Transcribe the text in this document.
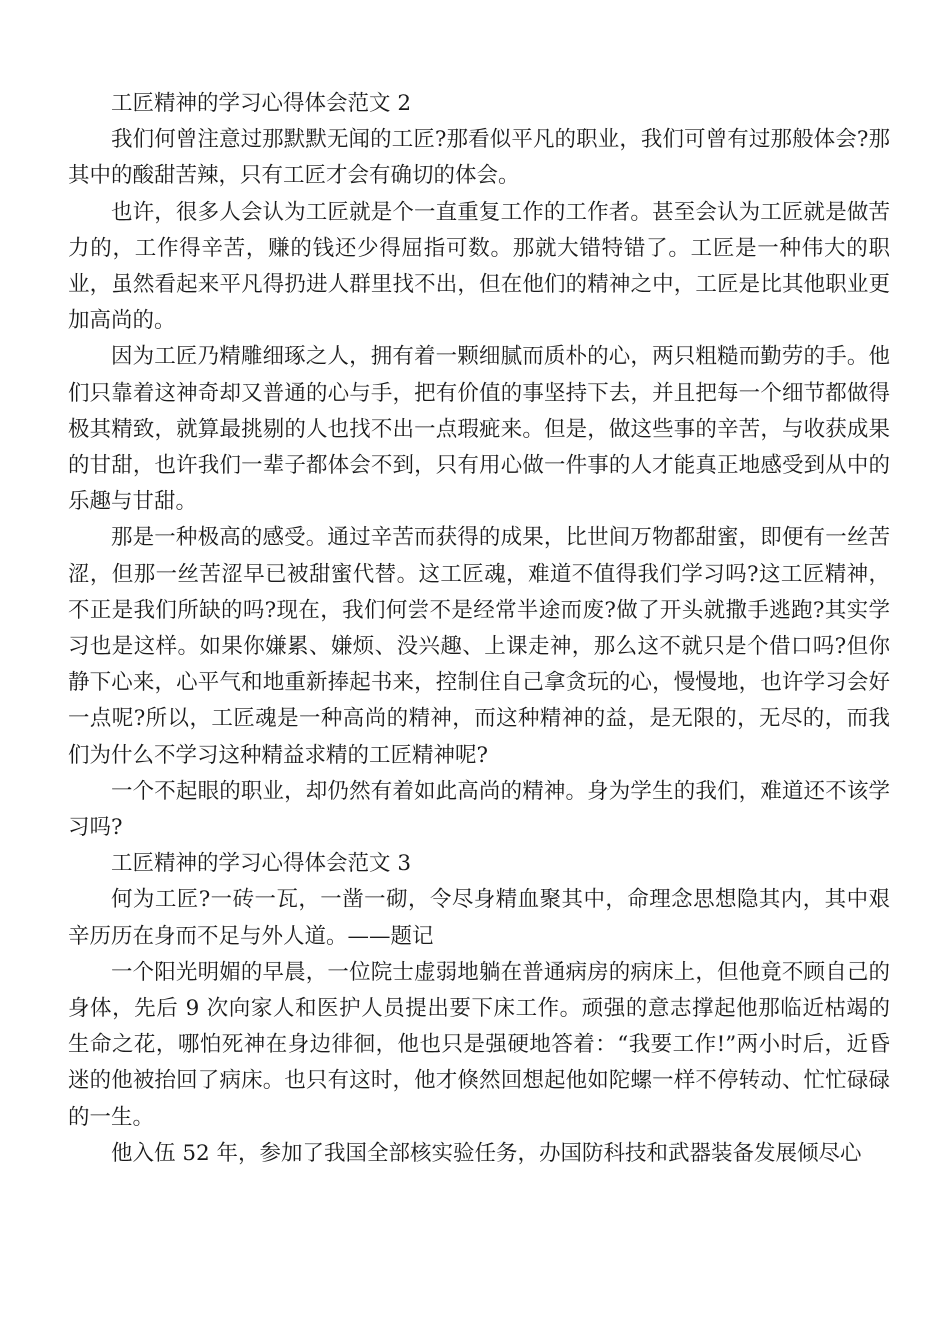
工匠精神的学习心得体会范文 2

我们何曾注意过那默默无闻的工匠?那看似平凡的职业，我们可曾有过那般体会?那其中的酸甜苦辣，只有工匠才会有确切的体会。

也许，很多人会认为工匠就是个一直重复工作的工作者。甚至会认为工匠就是做苦力的，工作得辛苦，赚的钱还少得屈指可数。那就大错特错了。工匠是一种伟大的职业，虽然看起来平凡得扔进人群里找不出，但在他们的精神之中，工匠是比其他职业更加高尚的。

因为工匠乃精雕细琢之人，拥有着一颗细腻而质朴的心，两只粗糙而勤劳的手。他们只靠着这神奇却又普通的心与手，把有价值的事坚持下去，并且把每一个细节都做得极其精致，就算最挑剔的人也找不出一点瑕疵来。但是，做这些事的辛苦，与收获成果的甘甜，也许我们一辈子都体会不到，只有用心做一件事的人才能真正地感受到从中的乐趣与甘甜。

那是一种极高的感受。通过辛苦而获得的成果，比世间万物都甜蜜，即便有一丝苦涩，但那一丝苦涩早已被甜蜜代替。这工匠魂，难道不值得我们学习吗?这工匠精神，不正是我们所缺的吗?现在，我们何尝不是经常半途而废?做了开头就撒手逃跑?其实学习也是这样。如果你嫌累、嫌烦、没兴趣、上课走神，那么这不就只是个借口吗?但你静下心来，心平气和地重新捧起书来，控制住自己拿贪玩的心，慢慢地，也许学习会好一点呢?所以，工匠魂是一种高尚的精神，而这种精神的益，是无限的，无尽的，而我们为什么不学习这种精益求精的工匠精神呢?

一个不起眼的职业，却仍然有着如此高尚的精神。身为学生的我们，难道还不该学习吗?

工匠精神的学习心得体会范文 3

何为工匠?一砖一瓦，一凿一砌，令尽身精血聚其中，命理念思想隐其内，其中艰辛历历在身而不足与外人道。——题记

一个阳光明媚的早晨，一位院士虚弱地躺在普通病房的病床上，但他竟不顾自己的身体，先后 9 次向家人和医护人员提出要下床工作。顽强的意志撑起他那临近枯竭的生命之花，哪怕死神在身边徘徊，他也只是强硬地答着：“我要工作!”两小时后，近昏迷的他被抬回了病床。也只有这时，他才倏然回想起他如陀螺一样不停转动、忙忙碌碌的一生。

他入伍 52 年，参加了我国全部核实验任务，办国防科技和武器装备发展倾尽心
